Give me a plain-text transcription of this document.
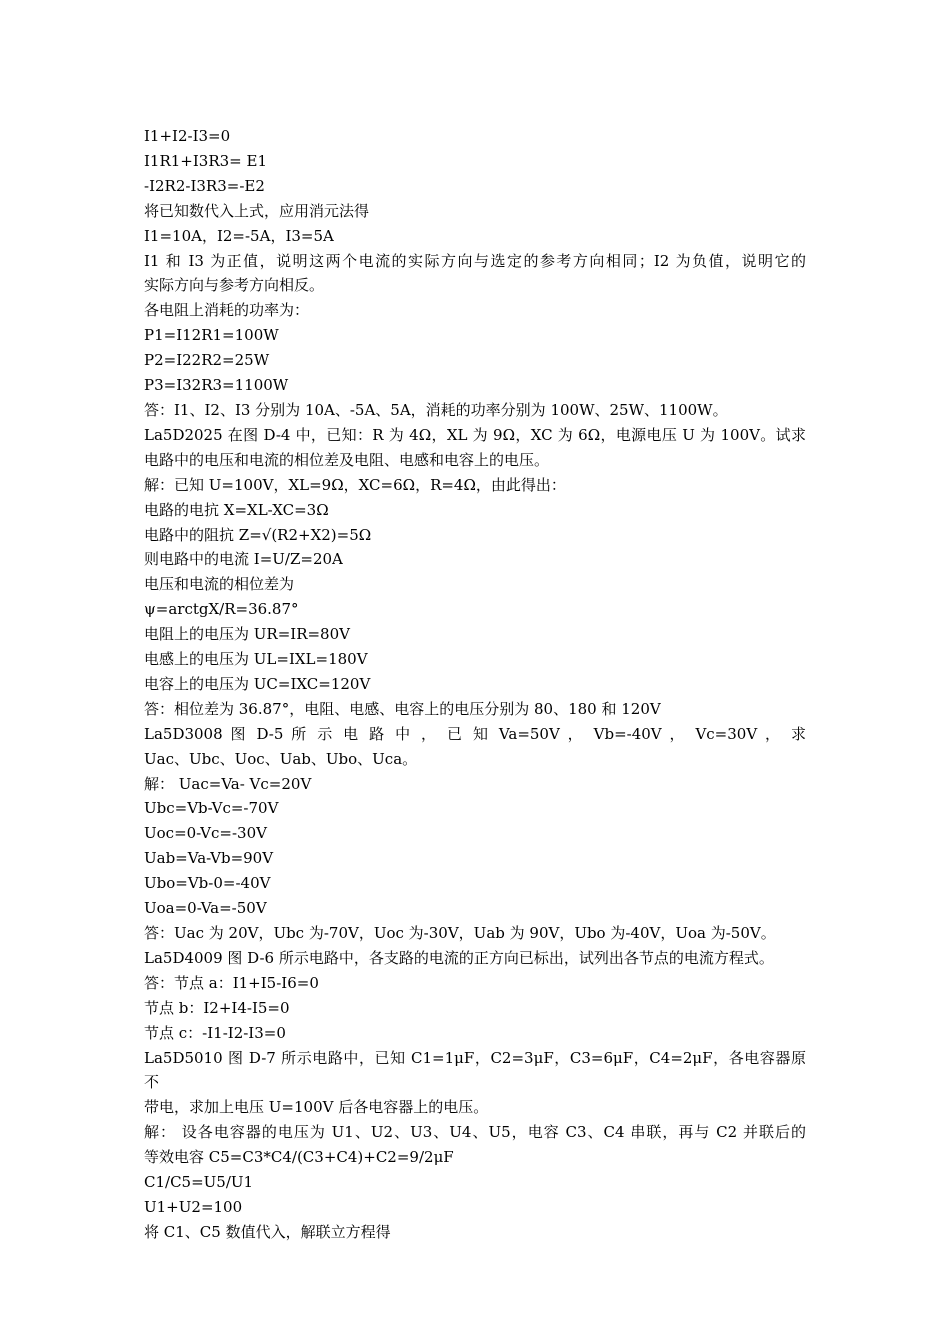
I1+I2-I3=0
I1R1+I3R3= E1
-I2R2-I3R3=-E2
将已知数代入上式，应用消元法得
I1=10A，I2=-5A，I3=5A
I1 和 I3 为正值，说明这两个电流的实际方向与选定的参考方向相同；I2 为负值，说明它的
实际方向与参考方向相反。
各电阻上消耗的功率为：
P1=I12R1=100W
P2=I22R2=25W
P3=I32R3=1100W
答：I1、I2、I3 分别为 10A、-5A、5A，消耗的功率分别为 100W、25W、1100W。
La5D2025 在图 D-4 中，已知：R 为 4Ω，XL 为 9Ω，XC 为 6Ω，电源电压 U 为 100V。试求
电路中的电压和电流的相位差及电阻、电感和电容上的电压。
解：已知 U=100V，XL=9Ω，XC=6Ω，R=4Ω，由此得出：
电路的电抗 X=XL-XC=3Ω
电路中的阻抗 Z=√(R2+X2)=5Ω
则电路中的电流 I=U/Z=20A
电压和电流的相位差为
ψ=arctgX/R=36.87°
电阻上的电压为 UR=IR=80V
电感上的电压为 UL=IXL=180V
电容上的电压为 UC=IXC=120V
答：相位差为 36.87°，电阻、电感、电容上的电压分别为 80、180 和 120V
La5D3008 图 D-5 所 示 电 路 中 ， 已 知 Va=50V ， Vb=-40V ， Vc=30V ， 求
Uac、Ubc、Uoc、Uab、Ubo、Uca。
解： Uac=Va- Vc=20V
Ubc=Vb-Vc=-70V
Uoc=0-Vc=-30V
Uab=Va-Vb=90V
Ubo=Vb-0=-40V
Uoa=0-Va=-50V
答：Uac 为 20V，Ubc 为-70V，Uoc 为-30V，Uab 为 90V，Ubo 为-40V，Uoa 为-50V。
La5D4009 图 D-6 所示电路中，各支路的电流的正方向已标出，试列出各节点的电流方程式。
答：节点 a：I1+I5-I6=0
节点 b：I2+I4-I5=0
节点 c：-I1-I2-I3=0
La5D5010 图 D-7 所示电路中，已知 C1=1μF，C2=3μF，C3=6μF，C4=2μF，各电容器原不
带电，求加上电压 U=100V 后各电容器上的电压。
解： 设各电容器的电压为 U1、U2、U3、U4、U5，电容 C3、C4 串联，再与 C2 并联后的
等效电容 C5=C3*C4/(C3+C4)+C2=9/2μF
C1/C5=U5/U1
U1+U2=100
将 C1、C5 数值代入，解联立方程得
